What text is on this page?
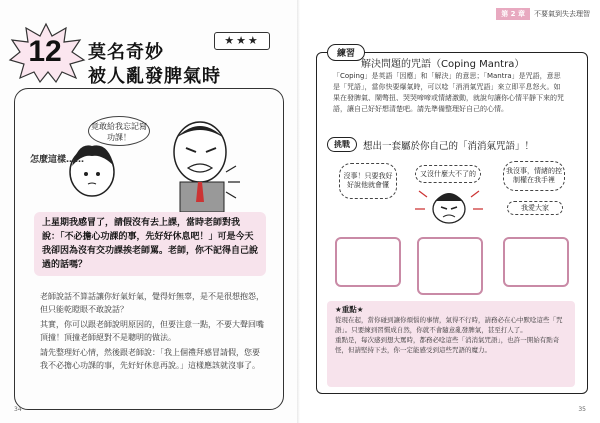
12	莫名奇妙
被人亂發脾氣時
★★★
竟敢給我忘記寫功課！
怎麼這樣……
上星期我感冒了，請假沒有去上課，當時老師對我說：「不必擔心功課的事，先好好休息吧！」可是今天我卻因為沒有交功課挨老師罵。老師，你不記得自己說過的話嗎？
老師說話不算話讓你好氣好氣，覺得好無辜，是不是很想抱怨，但只能乾瞪眼不敢說話？
其實，你可以跟老師說明原因的，但要注意一點，不要大聲回嘴頂撞！頂撞老師絕對不是聰明的做法。
請先整理好心情，然後跟老師說：「我上個禮拜感冒請假，您要我不必擔心功課的事，先好好休息再說。」這樣應該就沒事了。
34
第 2 章	不要氣到失去理智
練習
解決問題的咒語（Coping Mantra）
「Coping」是英語「因應」和「解決」的意思；「Mantra」是咒語，意思是「咒語」，當你快要爆氣時，可以唸「消消氣咒語」來立即平息怒火。如果在發脾氣、鬧彆扭、哭哭啼啼或情緒激動，就說句讓你心情平靜下來的咒語，讓自己好好想清楚吧。請先準備整理好自己的心情。
挑戰	想出一套屬於你自己的「消消氣咒語」！
沒事！只要我好好說他就會懂
又沒什麼大不了的	我沒事，情緒的控制權在我手裡
我愛大家
★重點★
從現在起，當你碰到讓你煩惱的事情，氣得不行時，請務必在心中默唸這些「咒語」。只要練到習慣成自然，你就不會隨意亂發脾氣，甚至打人了。
重點是，每次感到想大罵時，都務必唸這些「消消氣咒語」，也許一開始有點奇怪，但請堅持下去，你一定能感受到這些咒語的魔力。
35
